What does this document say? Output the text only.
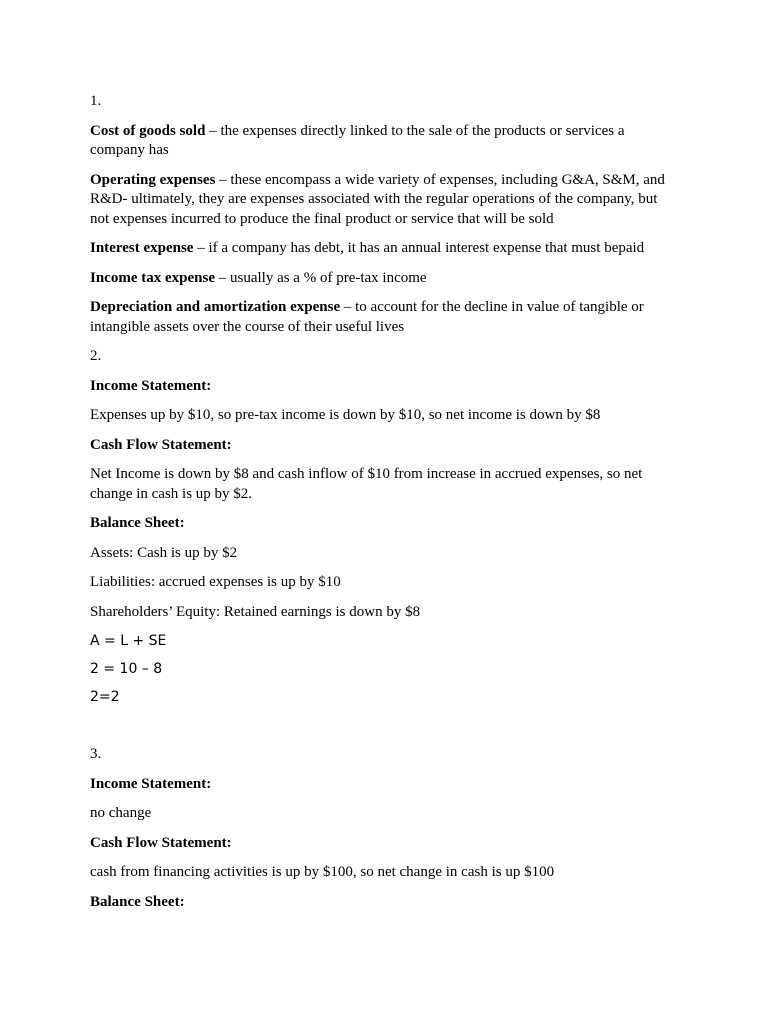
1.

Cost of goods sold – the expenses directly linked to the sale of the products or services a company has

Operating expenses – these encompass a wide variety of expenses, including G&A, S&M, and R&D- ultimately, they are expenses associated with the regular operations of the company, but not expenses incurred to produce the final product or service that will be sold

Interest expense – if a company has debt, it has an annual interest expense that must bepaid

Income tax expense – usually as a % of pre-tax income

Depreciation and amortization expense – to account for the decline in value of tangible or intangible assets over the course of their useful lives

2.

Income Statement:

Expenses up by $10, so pre-tax income is down by $10, so net income is down by $8

Cash Flow Statement:

Net Income is down by $8 and cash inflow of $10 from increase in accrued expenses, so net change in cash is up by $2.

Balance Sheet:

Assets: Cash is up by $2

Liabilities: accrued expenses is up by $10

Shareholders’ Equity: Retained earnings is down by $8

A = L + SE

2 = 10 – 8

2=2

3.

Income Statement:

no change

Cash Flow Statement:

cash from financing activities is up by $100, so net change in cash is up $100

Balance Sheet:
